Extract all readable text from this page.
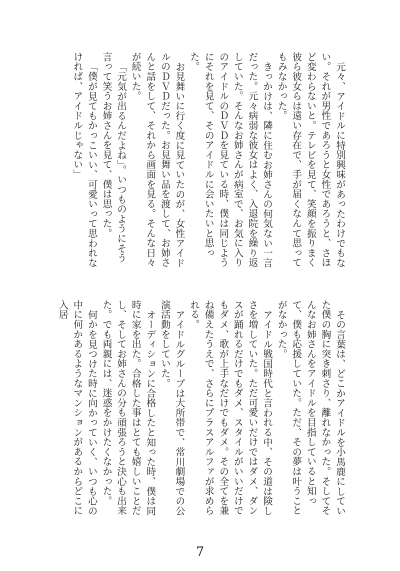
元々、アイドルに特別興味があったわけでもない。それが男性であろうと女性であろうと、さほど変わらないと。テレビを見て、笑顔を振りまく彼ら彼女らは遠い存在で、手が届くなんて思ってもみなかった。

きっかけは、隣に住むお姉さんの何気ない一言だった。元々病弱な彼女はよく、入退院を繰り返していた。そんなお姉さんが病室で、お気に入りのアイドルのＤＶＤを見ている時、僕は同じようにそれを見て、そのアイドルに会いたいと思った。

お見舞いに行く度に見ていたのが、女性アイドルのＤＶＤだった。お見舞い品を渡して、お姉さんと話をして、それから画面を見る。そんな日々が続いた。

「元気が出るんだよね」。いつものようにそう言って笑うお姉さんを見て、僕は思った。

「僕が見てもかっこいい、可愛いって思われなければ、アイドルじゃない」

その言葉は、どこかアイドルを小馬鹿にしていた僕の胸に突き刺さり、離れなかった。そしてそんなお姉さんをアイドルを目指していると知って、僕も応援していた。ただ、その夢は叶うことがなかった。

アイドル戦国時代と言われる中、その道は険しさを増していた。ただ可愛いだけではダメ、ダンスが踊れるだけでもダメ、スタイルがいいだけでもダメ、歌が上手なだけでもダメ。その全てを兼ね備えたうえで、さらにプラスアルファが求められる。

アイドルグループは大所帯で、常川劇場での公演活動をしていた。

オーディションに合格したと知った時、僕は同時に家を出た。合格した事はとても嬉しいことだし、そしてお姉さんの分も頑張ろうと決心も出来た。でも両親には、迷惑をかけたくなかった。

何かを見つけた時に向かっていく、いつも心の中に何かあるようなマンションがあるからどこに入居

7
